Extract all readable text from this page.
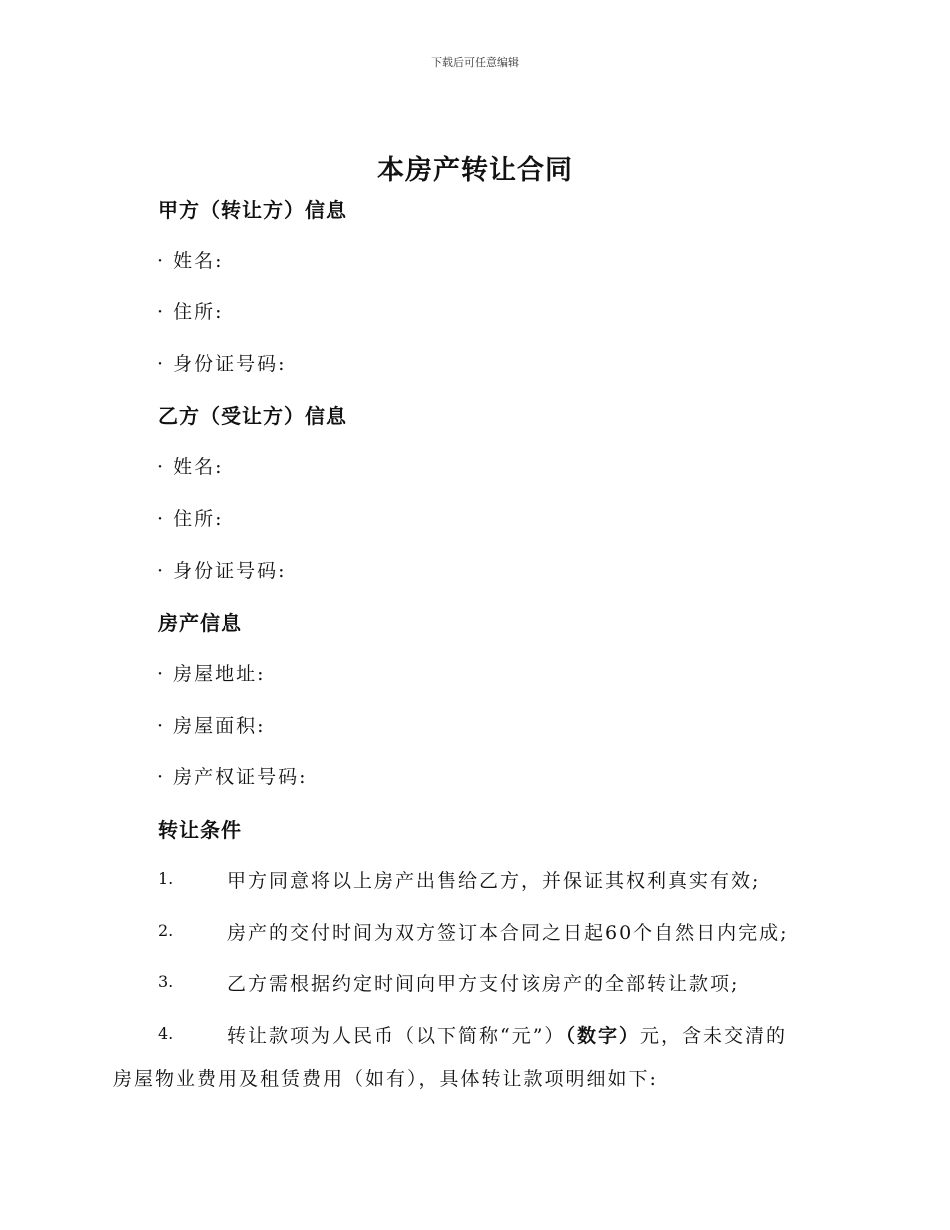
下载后可任意编辑
本房产转让合同
甲方（转让方）信息
· 姓名:
· 住所:
· 身份证号码:
乙方（受让方）信息
· 姓名:
· 住所:
· 身份证号码:
房产信息
· 房屋地址:
· 房屋面积:
· 房产权证号码:
转让条件
1.	甲方同意将以上房产出售给乙方，并保证其权利真实有效;
2.	房产的交付时间为双方签订本合同之日起60个自然日内完成;
3.	乙方需根据约定时间向甲方支付该房产的全部转让款项;
4.	转让款项为人民币（以下简称“元”）（数字）元，含未交清的
房屋物业费用及租赁费用（如有），具体转让款项明细如下:
